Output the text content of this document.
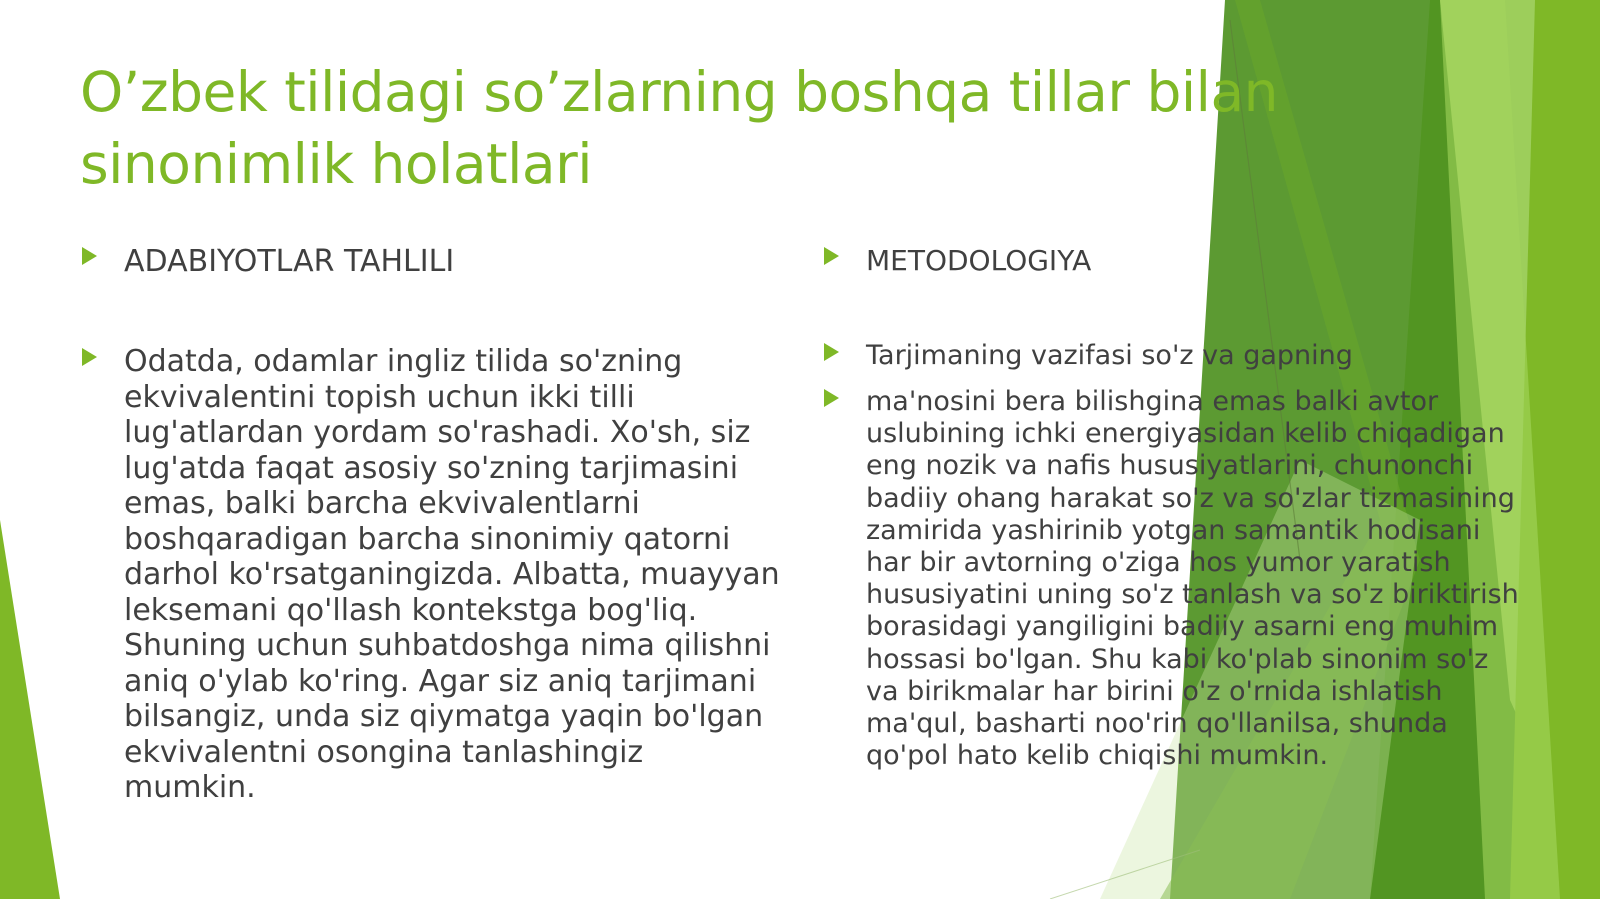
O’zbek tilidagi so’zlarning boshqa tillar bilan sinonimlik holatlari
ADABIYOTLAR TAHLILI
Odatda, odamlar ingliz tilida so'zning ekvivalentini topish uchun ikki tilli lug'atlardan yordam so'rashadi. Xo'sh, siz lug'atda faqat asosiy so'zning tarjimasini emas, balki barcha ekvivalentlarni boshqaradigan barcha sinonimiy qatorni darhol ko'rsatganingizda. Albatta, muayyan leksemani qo'llash kontekstga bog'liq. Shuning uchun suhbatdoshga nima qilishni aniq o'ylab ko'ring. Agar siz aniq tarjimani bilsangiz, unda siz qiymatga yaqin bo'lgan ekvivalentni osongina tanlashingiz mumkin.
METODOLOGIYA
Tarjimaning vazifasi so'z va gapning
ma'nosini bera bilishgina emas balki avtor uslubining ichki energiyasidan kelib chiqadigan eng nozik va nafis hususiyatlarini, chunonchi badiiy ohang harakat so'z va so'zlar tizmasining zamirida yashirinib yotgan samantik hodisani har bir avtorning o'ziga hos yumor yaratish hususiyatini uning so'z tanlash va so'z biriktirish borasidagi yangiligini badiiy asarni eng muhim hossasi bo'lgan. Shu kabi ko'plab sinonim so'z va birikmalar har birini o'z o'rnida ishlatish ma'qul, basharti noo'rin qo'llanilsa, shunda qo'pol hato kelib chiqishi mumkin.
